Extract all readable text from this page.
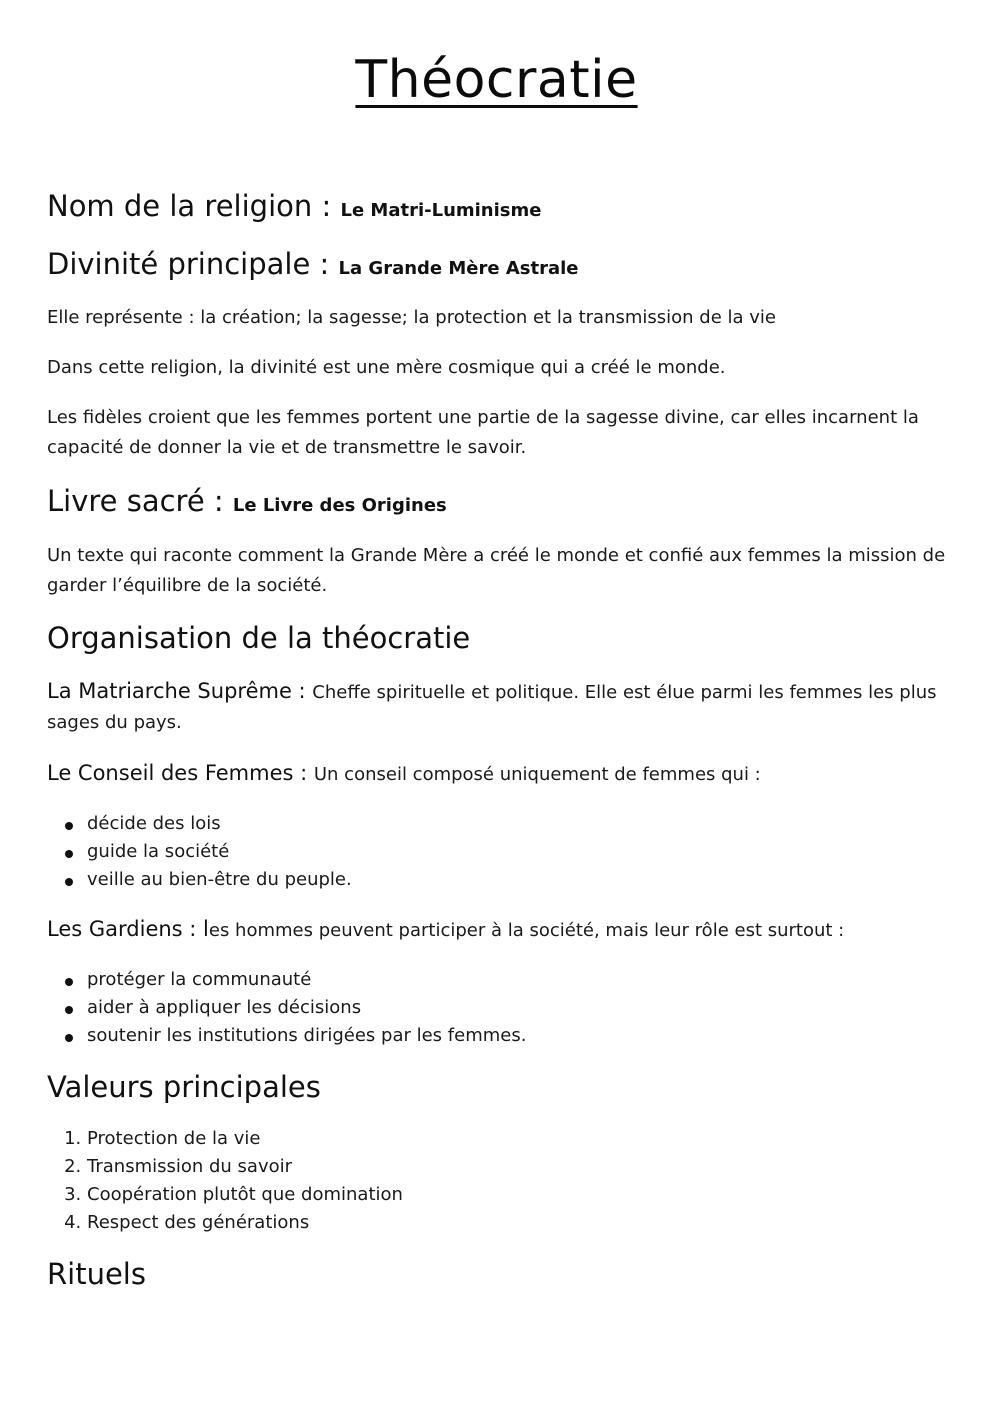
Théocratie
Nom de la religion : Le Matri-Luminisme
Divinité principale : La Grande Mère Astrale

Elle représente : la création; la sagesse; la protection et la transmission de la vie

Dans cette religion, la divinité est une mère cosmique qui a créé le monde.

Les fidèles croient que les femmes portent une partie de la sagesse divine, car elles incarnent la capacité de donner la vie et de transmettre le savoir.

Livre sacré : Le Livre des Origines

Un texte qui raconte comment la Grande Mère a créé le monde et confié aux femmes la mission de garder l’équilibre de la société.

Organisation de la théocratie
La Matriarche Suprême : Cheffe spirituelle et politique. Elle est élue parmi les femmes les plus sages du pays.
Le Conseil des Femmes : Un conseil composé uniquement de femmes qui :
décide des lois
guide la société
veille au bien-être du peuple.
Les Gardiens : les hommes peuvent participer à la société, mais leur rôle est surtout :
protéger la communauté
aider à appliquer les décisions
soutenir les institutions dirigées par les femmes.
Valeurs principales
1. Protection de la vie
2. Transmission du savoir
3. Coopération plutôt que domination
4. Respect des générations
Rituels
